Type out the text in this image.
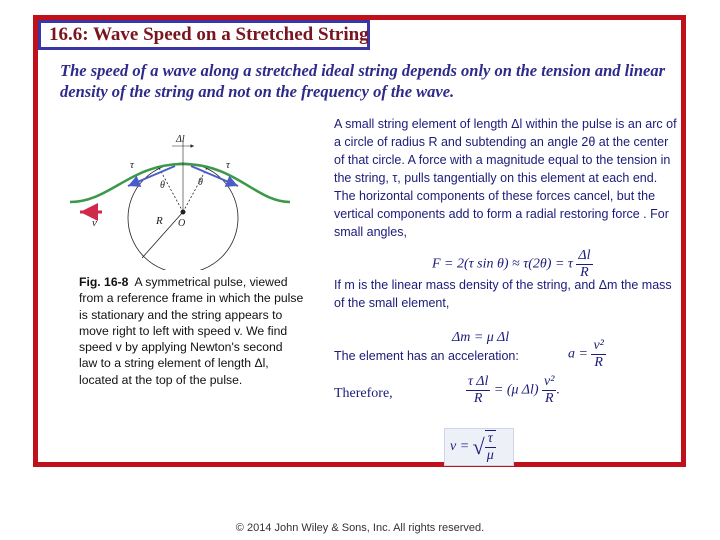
16.6: Wave Speed on a Stretched String
The speed of a wave along a stretched ideal string depends only on the tension and linear density of the string and not on the frequency of the wave.
Δl
τ	τ
θ	θ
R O
v
Fig. 16-8 A symmetrical pulse, viewed from a reference frame in which the pulse is stationary and the string appears to move right to left with speed v. We find speed v by applying Newton's second law to a string element of length Δl, located at the top of the pulse.
A small string element of length Δl within the pulse is an arc of a circle of radius R and subtending an angle 2θ at the center of that circle. A force with a magnitude equal to the tension in the string, τ, pulls tangentially on this element at each end. The horizontal components of these forces cancel, but the vertical components add to form a radial restoring force . For small angles,
F = 2(τ sin θ) ≈ τ(2θ) = τ $\frac{\Delta l}{R}$
If m is the linear mass density of the string, and Δm the mass of the small element,
Δm = μ Δl
The element has an acceleration:	$a = \frac{\text{v²}}{R}$
Therefore,	$\frac{\text{τ Δl}}{R} = (\mu$ $\Delta l) \frac{\text{v²}}{R}$ .
v = √ $\frac{\tau}{\mu}$
© 2014 John Wiley & Sons, Inc. All rights reserved.
